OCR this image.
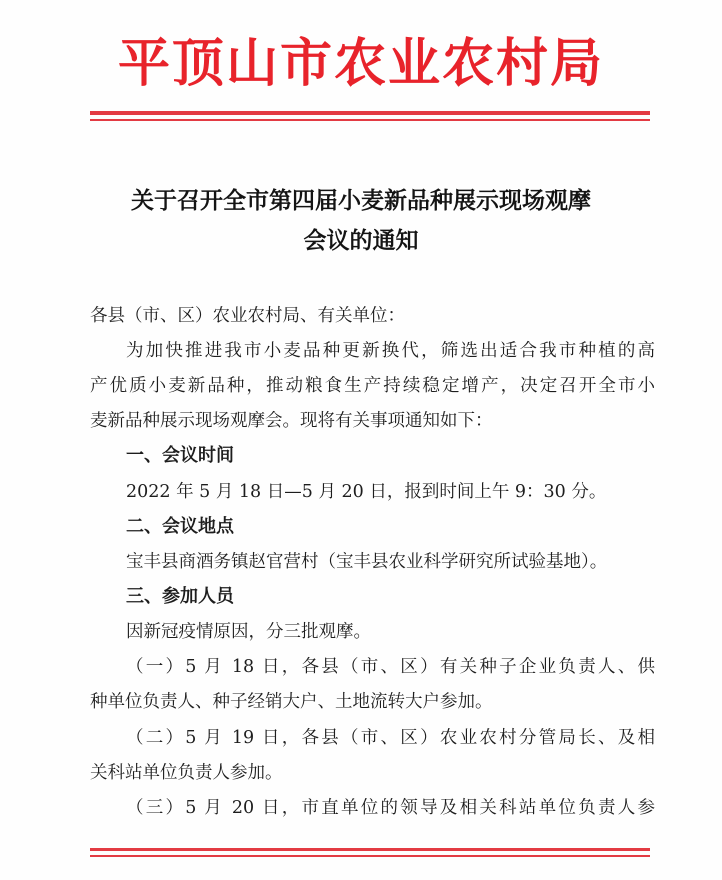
平顶山市农业农村局
关于召开全市第四届小麦新品种展示现场观摩
会议的通知
各县（市、区）农业农村局、有关单位：
为加快推进我市小麦品种更新换代，筛选出适合我市种植的高
产优质小麦新品种，推动粮食生产持续稳定增产，决定召开全市小
麦新品种展示现场观摩会。现将有关事项通知如下：
一、会议时间
2022 年 5 月 18 日—5 月 20 日，报到时间上午 9：30 分。
二、会议地点
宝丰县商酒务镇赵官营村（宝丰县农业科学研究所试验基地）。
三、参加人员
因新冠疫情原因，分三批观摩。
（一）5 月 18 日，各县（市、区）有关种子企业负责人、供
种单位负责人、种子经销大户、土地流转大户参加。
（二）5 月 19 日，各县（市、区）农业农村分管局长、及相
关科站单位负责人参加。
（三）5 月 20 日，市直单位的领导及相关科站单位负责人参
